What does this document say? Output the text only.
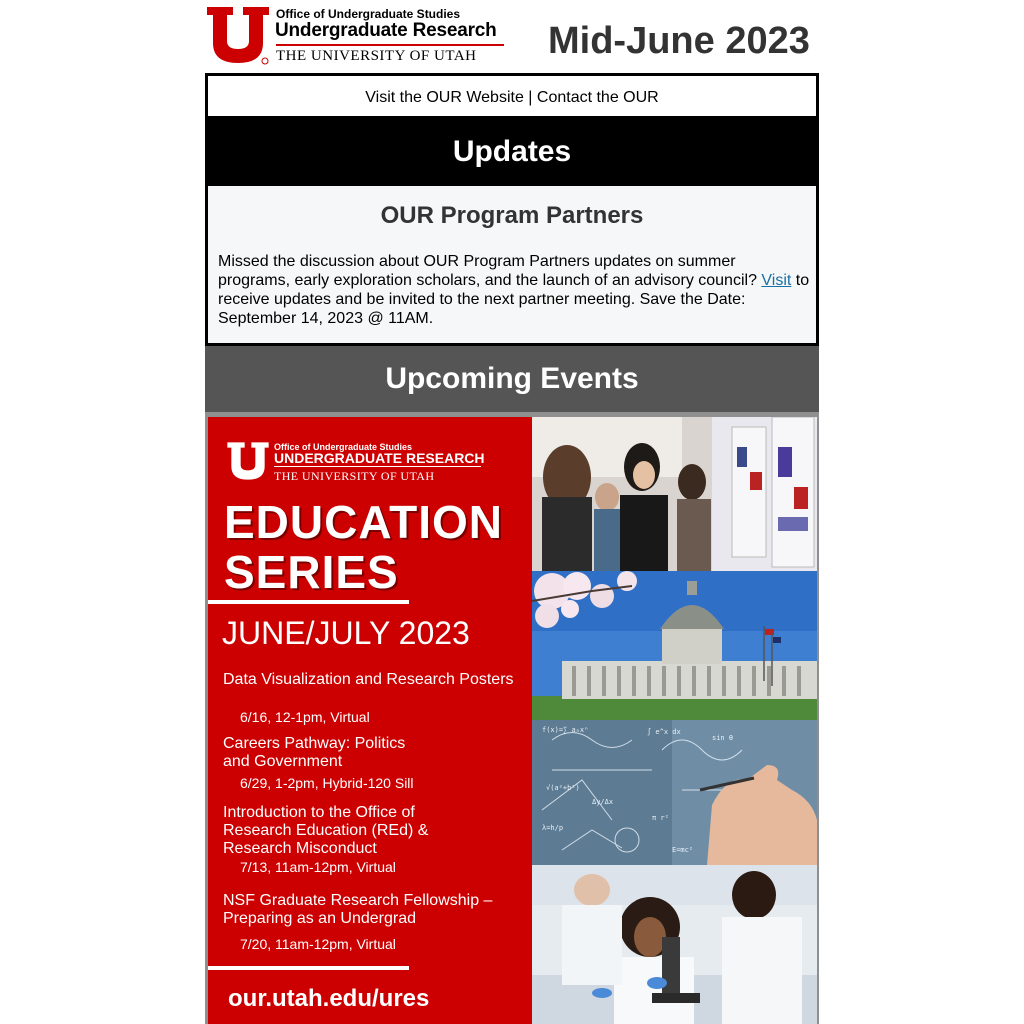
Office of Undergraduate Studies
Undergraduate Research
THE UNIVERSITY OF UTAH Mid-June 2023
Visit the OUR Website | Contact the OUR
Updates
OUR Program Partners
Missed the discussion about OUR Program Partners updates on summer programs, early exploration scholars, and the launch of an advisory council? Visit to receive updates and be invited to the next partner meeting. Save the Date: September 14, 2023 @ 11AM.
Upcoming Events
Office of Undergraduate Studies
UNDERGRADUATE RESEARCH
THE UNIVERSITY OF UTAH
EDUCATION
SERIES
JUNE/JULY 2023
Data Visualization and Research Posters
6/16, 12-1pm, Virtual
Careers Pathway: Politics and Government
6/29, 1-2pm, Hybrid-120 Sill
Introduction to the Office of Research Education (REd) & Research Misconduct
7/13, 11am-12pm, Virtual
NSF Graduate Research Fellowship – Preparing as an Undergrad
7/20, 11am-12pm, Virtual
our.utah.edu/ures
f(x)=∑ aₙxⁿ	∫ e^x dx
√(a²+b²)
Δy/Δx
π r²
sin θ
λ=h/p
E=mc²
